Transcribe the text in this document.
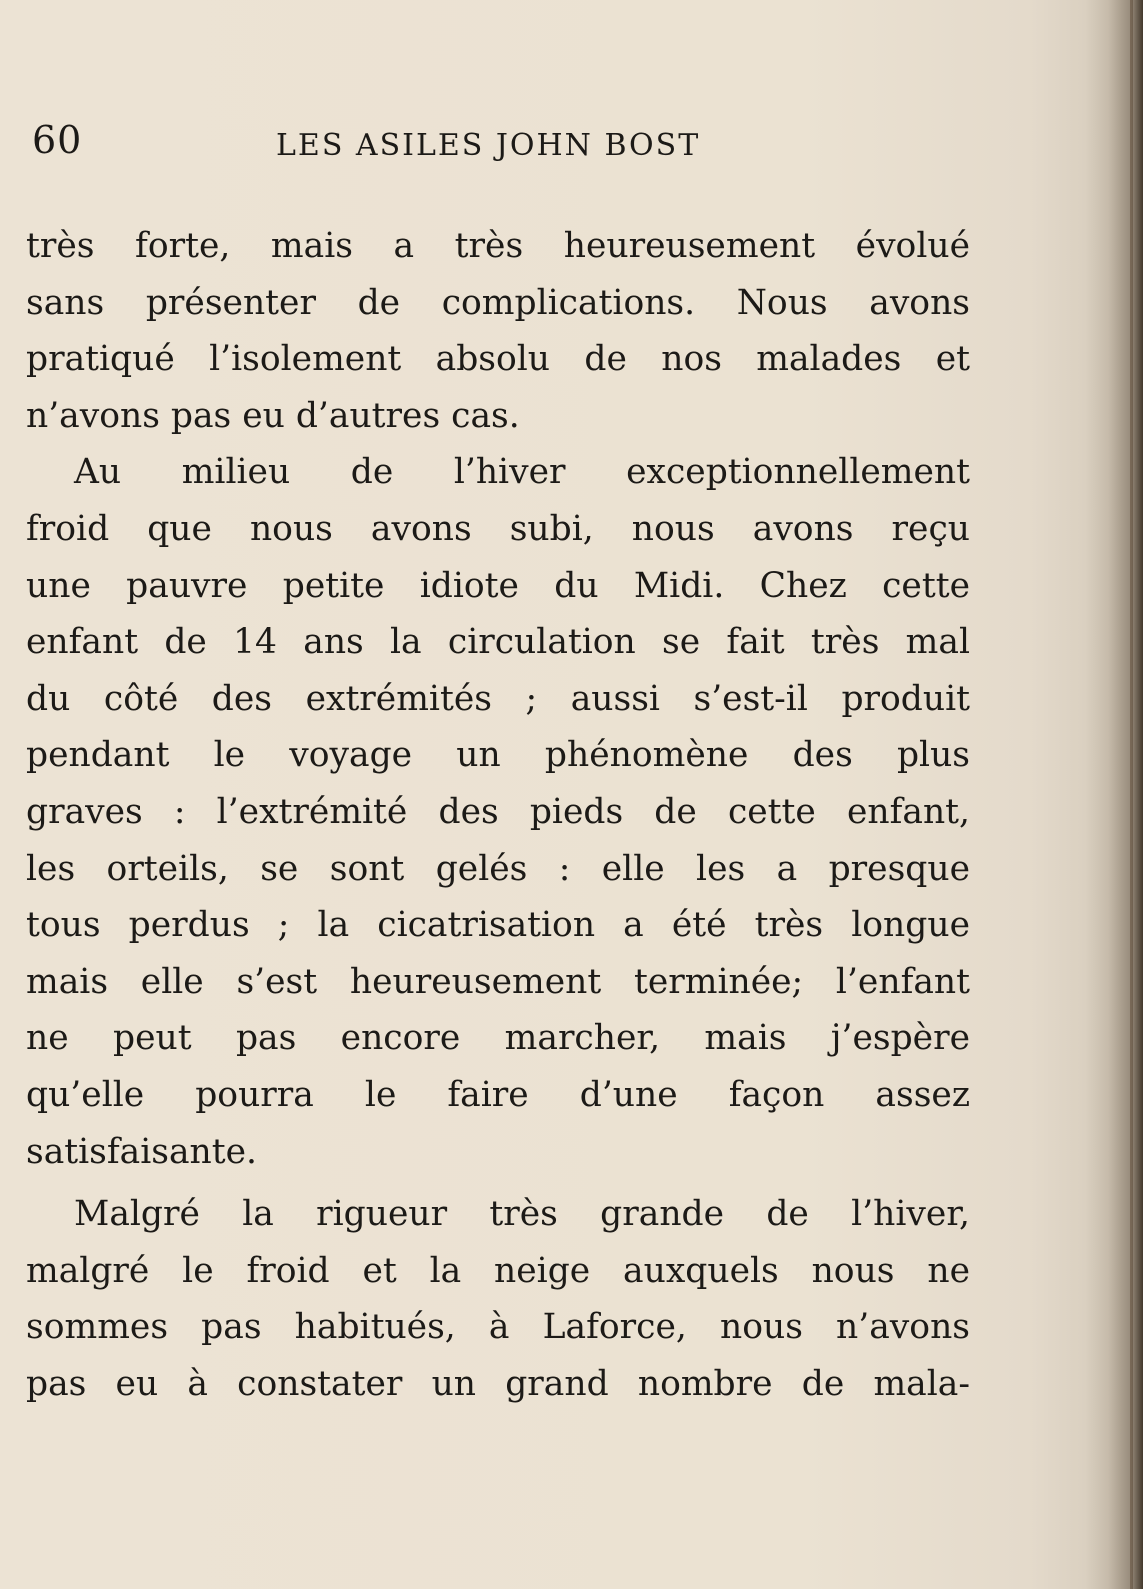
60	LES ASILES JOHN BOST
très forte, mais a très heureusement évolué
sans présenter de complications. Nous avons
pratiqué l’isolement absolu de nos malades et
n’avons pas eu d’autres cas.
Au milieu de l’hiver exceptionnellement
froid que nous avons subi, nous avons reçu
une pauvre petite idiote du Midi. Chez cette
enfant de 14 ans la circulation se fait très mal
du côté des extrémités ; aussi s’est-il produit
pendant le voyage un phénomène des plus
graves : l’extrémité des pieds de cette enfant,
les orteils, se sont gelés : elle les a presque
tous perdus ; la cicatrisation a été très longue
mais elle s’est heureusement terminée; l’enfant
ne peut pas encore marcher, mais j’espère
qu’elle pourra le faire d’une façon assez
satisfaisante.
Malgré la rigueur très grande de l’hiver,
malgré le froid et la neige auxquels nous ne
sommes pas habitués, à Laforce, nous n’avons
pas eu à constater un grand nombre de mala-
